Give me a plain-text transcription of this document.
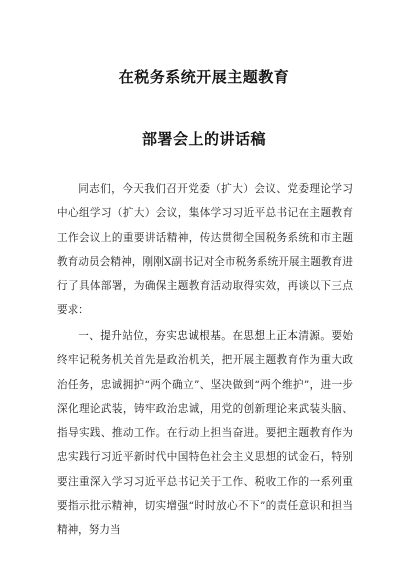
在税务系统开展主题教育
部署会上的讲话稿
同志们，今天我们召开党委（扩大）会议、党委理论学习中心组学习（扩大）会议，集体学习习近平总书记在主题教育工作会议上的重要讲话精神，传达贯彻全国税务系统和市主题教育动员会精神，刚刚X副书记对全市税务系统开展主题教育进行了具体部署，为确保主题教育活动取得实效，再谈以下三点要求：
一、提升站位，夯实忠诚根基。在思想上正本清源。要始终牢记税务机关首先是政治机关，把开展主题教育作为重大政治任务，忠诚拥护“两个确立”、坚决做到“两个维护”，进一步深化理论武装，铸牢政治忠诚，用党的创新理论来武装头脑、指导实践、推动工作。在行动上担当奋进。要把主题教育作为忠实践行习近平新时代中国特色社会主义思想的试金石，特别要注重深入学习习近平总书记关于工作、税收工作的一系列重要指示批示精神，切实增强“时时放心不下”的责任意识和担当精神，努力当
